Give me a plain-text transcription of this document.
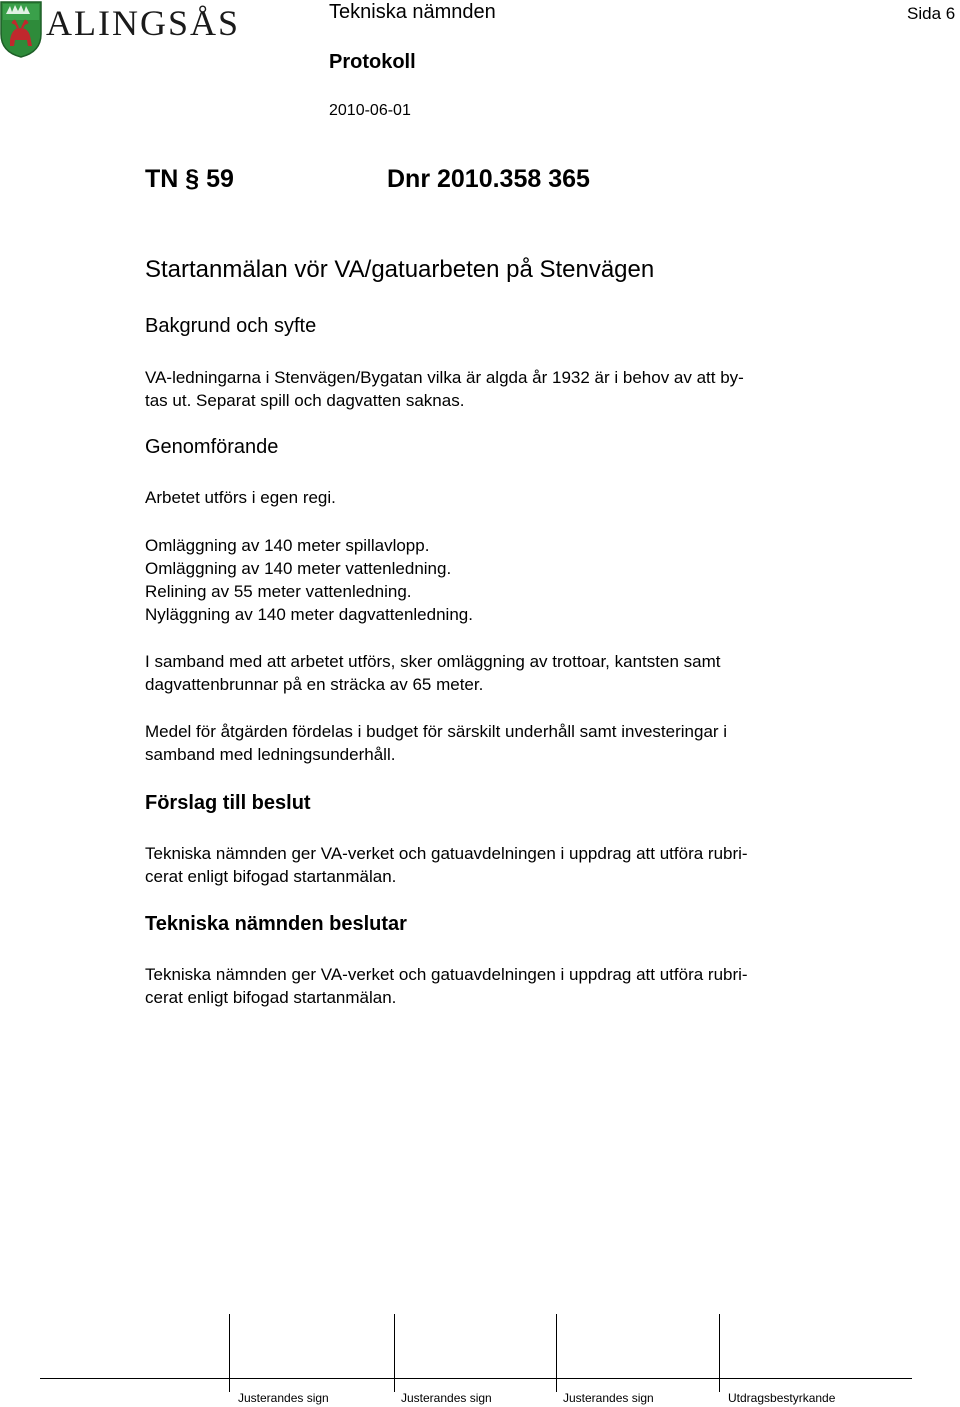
ALINGSÅS	Tekniska nämnden
Protokoll
2010-06-01
Sida 6
TN § 59	Dnr 2010.358 365
Startanmälan vör VA/gatuarbeten på Stenvägen
Bakgrund och syfte
VA-ledningarna i Stenvägen/Bygatan vilka är algda år 1932 är i behov av att by-
tas ut. Separat spill och dagvatten saknas.
Genomförande
Arbetet utförs i egen regi.
Omläggning av 140 meter spillavlopp.
Omläggning av 140 meter vattenledning.
Relining av 55 meter vattenledning.
Nyläggning av 140 meter dagvattenledning.
I samband med att arbetet utförs, sker omläggning av trottoar, kantsten samt
dagvattenbrunnar på en sträcka av 65 meter.
Medel för åtgärden fördelas i budget för särskilt underhåll samt investeringar i
samband med ledningsunderhåll.
Förslag till beslut
Tekniska nämnden ger VA-verket och gatuavdelningen i uppdrag att utföra rubri-
cerat enligt bifogad startanmälan.
Tekniska nämnden beslutar
Tekniska nämnden ger VA-verket och gatuavdelningen i uppdrag att utföra rubri-
cerat enligt bifogad startanmälan.
Justerandes sign	Justerandes sign	Justerandes sign	Utdragsbestyrkande
